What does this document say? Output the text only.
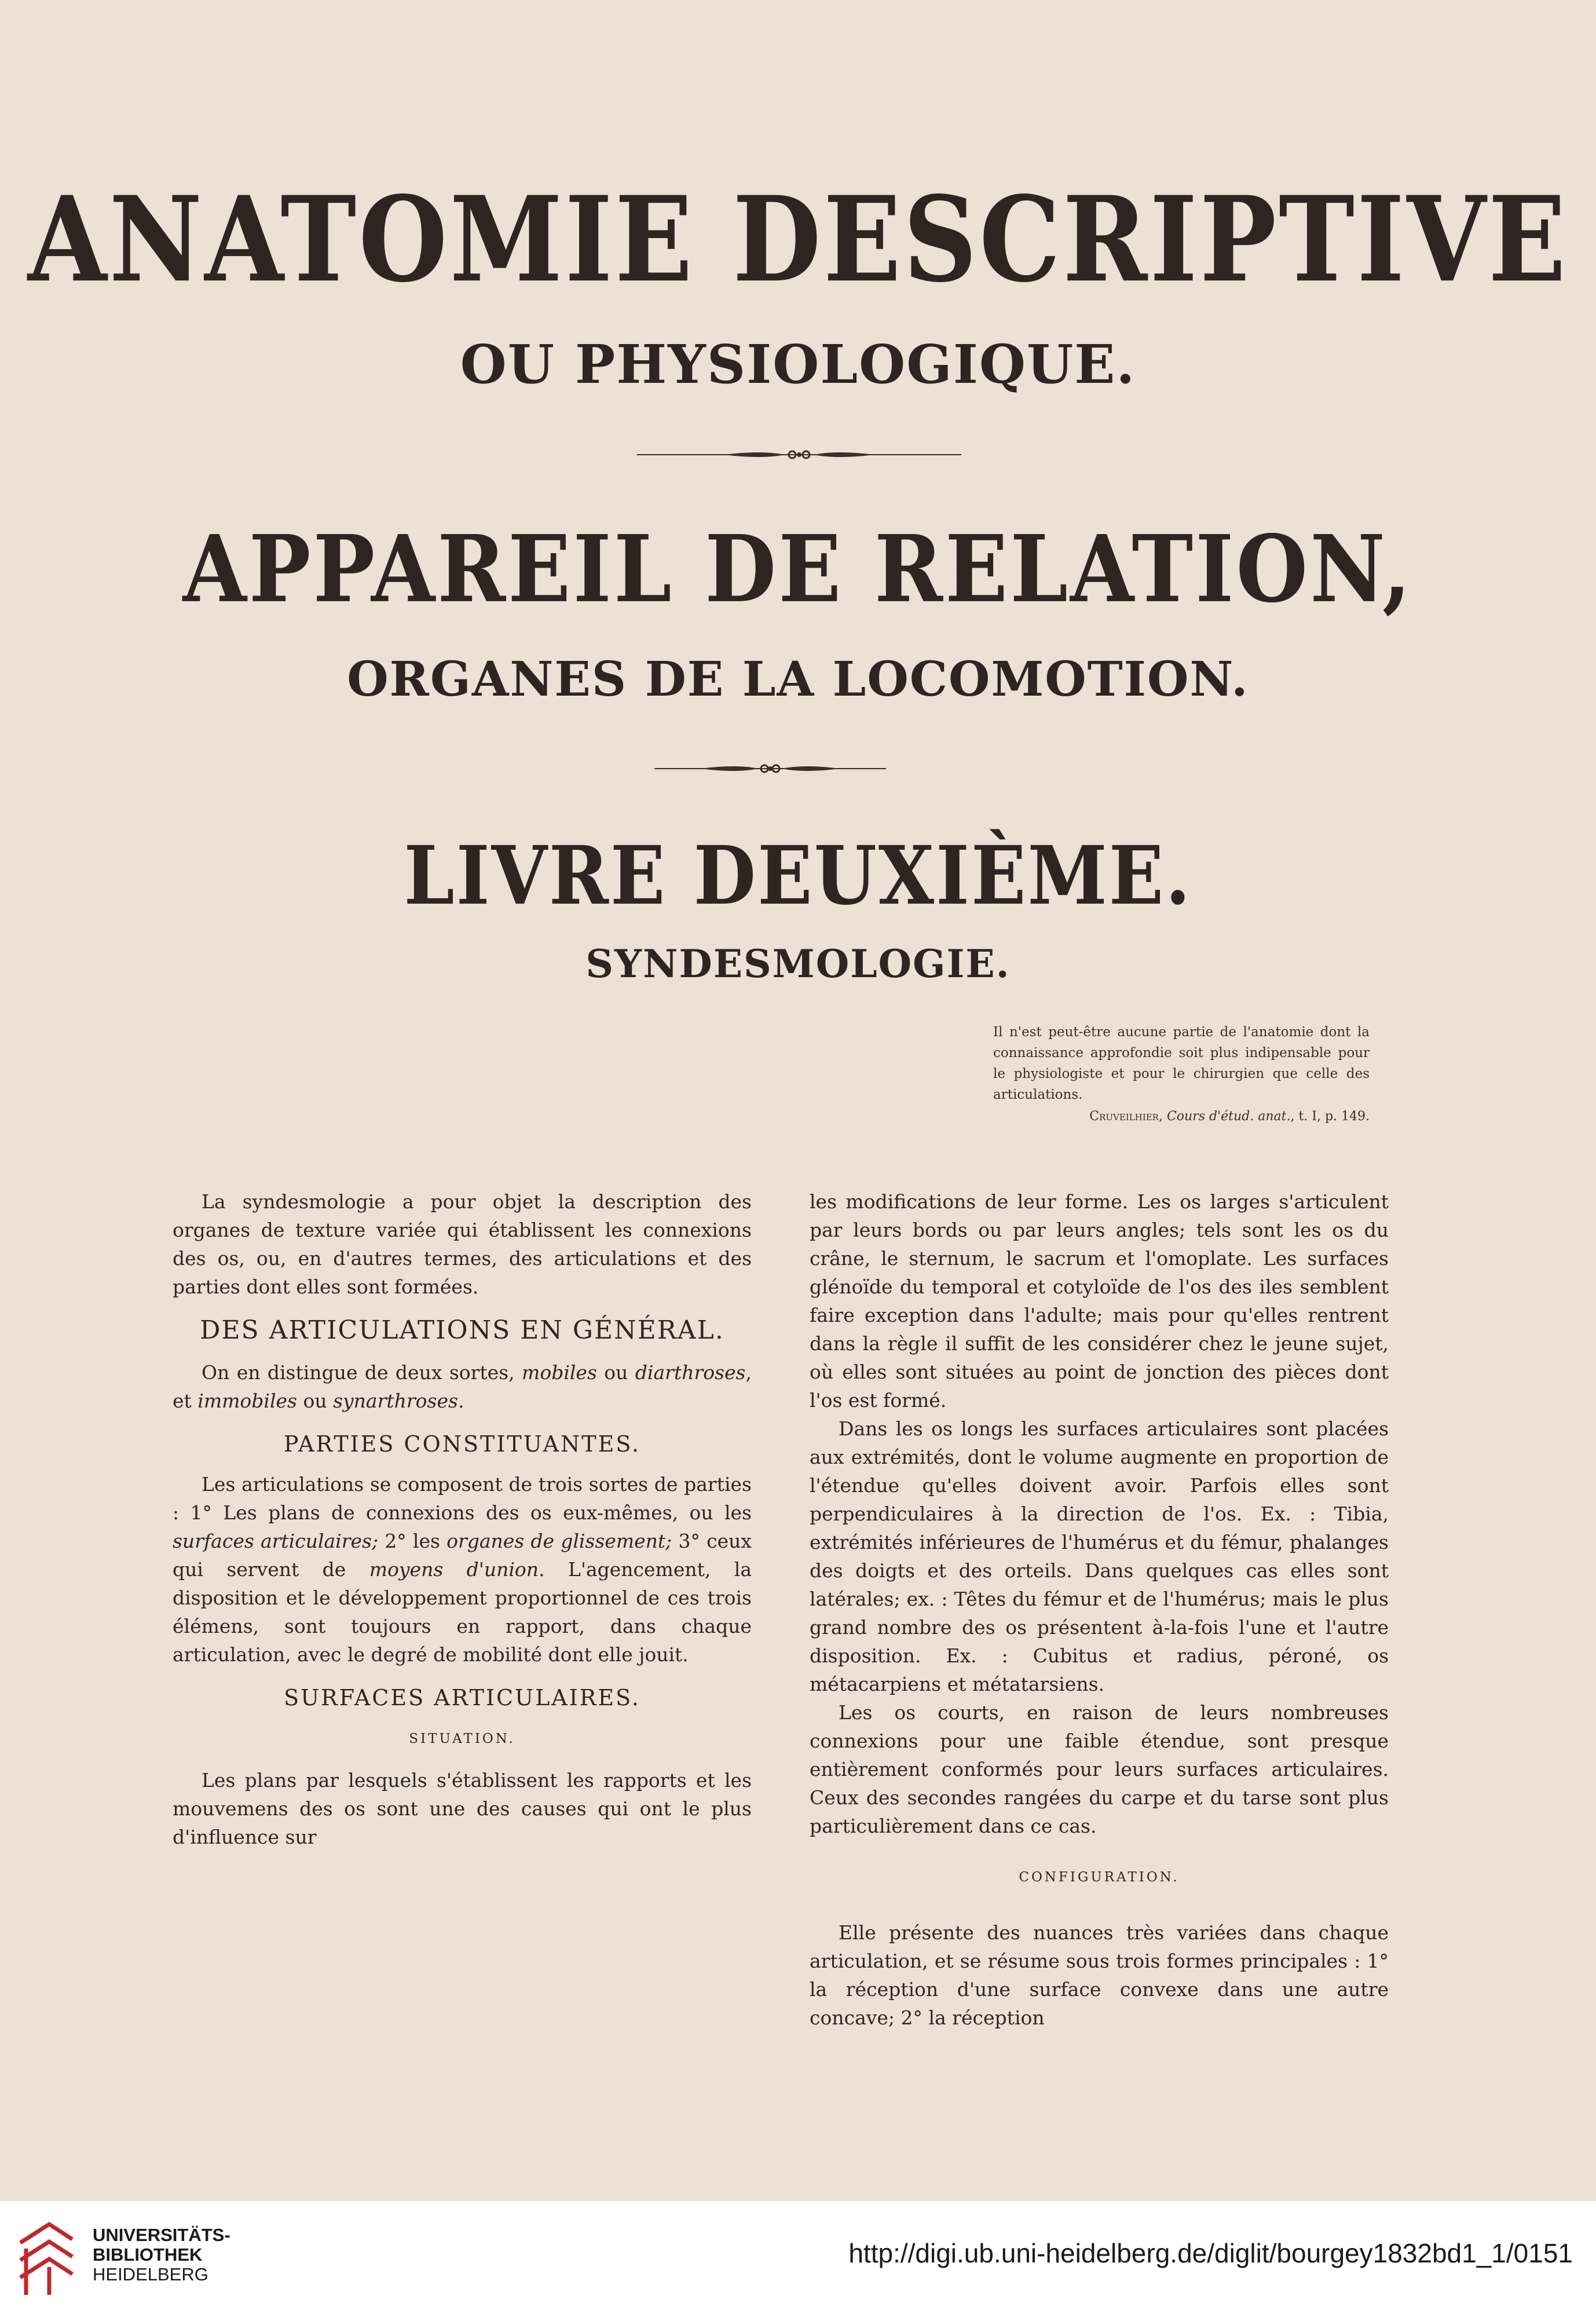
ANATOMIE DESCRIPTIVE
OU PHYSIOLOGIQUE.
APPAREIL DE RELATION,
ORGANES DE LA LOCOMOTION.
LIVRE DEUXIÈME.
SYNDESMOLOGIE.
Il n'est peut-être aucune partie de l'anatomie dont la connaissance approfondie soit plus indipensable pour le physiologiste et pour le chirurgien que celle des articulations.
Cruveilhier, Cours d'étud. anat., t. I, p. 149.

La syndesmologie a pour objet la description des organes de texture variée qui établissent les connexions des os, ou, en d'autres termes, des articulations et des parties dont elles sont formées.

DES ARTICULATIONS EN GÉNÉRAL.

On en distingue de deux sortes, mobiles ou diarthroses, et immobiles ou synarthroses.

PARTIES CONSTITUANTES.

Les articulations se composent de trois sortes de parties : 1° Les plans de connexions des os eux-mêmes, ou les surfaces articulaires; 2° les organes de glissement; 3° ceux qui servent de moyens d'union. L'agencement, la disposition et le développement proportionnel de ces trois élémens, sont toujours en rapport, dans chaque articulation, avec le degré de mobilité dont elle jouit.

SURFACES ARTICULAIRES.
SITUATION.

Les plans par lesquels s'établissent les rapports et les mouvemens des os sont une des causes qui ont le plus d'influence sur

les modifications de leur forme. Les os larges s'articulent par leurs bords ou par leurs angles; tels sont les os du crâne, le sternum, le sacrum et l'omoplate. Les surfaces glénoïde du temporal et cotyloïde de l'os des iles semblent faire exception dans l'adulte; mais pour qu'elles rentrent dans la règle il suffit de les considérer chez le jeune sujet, où elles sont situées au point de jonction des pièces dont l'os est formé.

Dans les os longs les surfaces articulaires sont placées aux extrémités, dont le volume augmente en proportion de l'étendue qu'elles doivent avoir. Parfois elles sont perpendiculaires à la direction de l'os. Ex. : Tibia, extrémités inférieures de l'humérus et du fémur, phalanges des doigts et des orteils. Dans quelques cas elles sont latérales; ex. : Têtes du fémur et de l'humérus; mais le plus grand nombre des os présentent à-la-fois l'une et l'autre disposition. Ex. : Cubitus et radius, péroné, os métacarpiens et métatarsiens.

Les os courts, en raison de leurs nombreuses connexions pour une faible étendue, sont presque entièrement conformés pour leurs surfaces articulaires. Ceux des secondes rangées du carpe et du tarse sont plus particulièrement dans ce cas.

CONFIGURATION.

Elle présente des nuances très variées dans chaque articulation, et se résume sous trois formes principales : 1° la réception d'une surface convexe dans une autre concave; 2° la réception

UNIVERSITÄTS-
BIBLIOTHEK
HEIDELBERG
http://digi.ub.uni-heidelberg.de/diglit/bourgey1832bd1_1/0151
